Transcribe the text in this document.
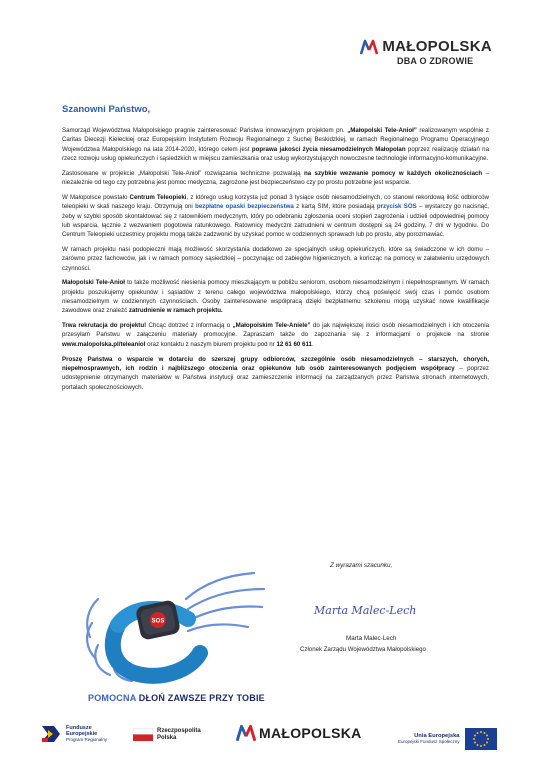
MAŁOPOLSKA
DBA O ZDROWIE
Szanowni Państwo,

Samorząd Województwa Małopolskiego pragnie zainteresować Państwa innowacyjnym projektem pn. „Małopolski Tele-Anioł” realizowanym wspólnie z Caritas Diecezji Kieleckiej oraz Europejskim Instytutem Rozwoju Regionalnego z Suchej Beskidzkiej, w ramach Regionalnego Programu Operacyjnego Województwa Małopolskiego na lata 2014-2020, którego celem jest poprawa jakości życia niesamodzielnych Małopolan poprzez realizację działań na rzecz rozwoju usług opiekuńczych i sąsiedzkich w miejscu zamieszkania oraz usług wykorzystujących nowoczesne technologie informacyjno-komunikacyjne.

Zastosowane w projekcie „Małopolski Tele-Anioł” rozwiązania techniczne pozwalają na szybkie wezwanie pomocy w każdych okolicznościach – niezależnie od tego czy potrzebna jest pomoc medyczna, zagrożone jest bezpieczeństwo czy po prostu potrzebne jest wsparcie.

W Małopolsce powstało Centrum Teleopieki, z którego usług korzysta już ponad 3 tysiące osób niesamodzielnych, co stanowi rekordową ilość odbiorców teleopieki w skali naszego kraju. Otrzymują oni bezpłatne opaski bezpieczeństwa z kartą SIM, które posiadają przycisk SOS – wystarczy go nacisnąć, żeby w szybki sposób skontaktować się z ratownikiem medycznym, który po odebraniu zgłoszenia oceni stopień zagrożenia i udzieli odpowiedniej pomocy lub wsparcia, łącznie z wezwaniem pogotowia ratunkowego. Ratownicy medyczni zatrudnieni w centrum dostępni są 24 godziny, 7 dni w tygodniu. Do Centrum Teleopieki uczestnicy projektu mogą także zadzwonić by uzyskać pomoc w codziennych sprawach lub po prostu, aby porozmawiać.

W ramach projektu nasi podopieczni mają możliwość skorzystania dodatkowo ze specjalnych usług opiekuńczych, które są świadczone w ich domu – zarówno przez fachowców, jak i w ramach pomocy sąsiedzkiej – poczynając od zabiegów higienicznych, a kończąc na pomocy w załatwieniu urzędowych czynności.

Małopolski Tele-Anioł to także możliwość niesienia pomocy mieszkającym w pobliżu seniorom, osobom niesamodzielnym i niepełnosprawnym. W ramach projektu poszukujemy opiekunów i sąsiadów z terenu całego województwa małopolskiego, którzy chcą poświęcić swój czas i pomóc osobom niesamodzielnym w codziennych czynnościach. Osoby zainteresowane współpracą dzięki bezpłatnemu szkoleniu mogą uzyskać nowe kwalifikacje zawodowe oraz znaleźć zatrudnienie w ramach projektu.

Trwa rekrutacja do projektu! Chcąc dotrzeć z informacją o „Małopolskim Tele-Aniele” do jak największej ilości osób niesamodzielnych i ich otoczenia przesyłam Państwu w załączeniu materiały promocyjne. Zapraszam także do zapoznania się z informacjami o projekcie na stronie www.malopolska.pl/teleaniol oraz kontaktu z naszym biurem projektu pod nr 12 61 60 611.

Proszę Państwa o wsparcie w dotarciu do szerszej grupy odbiorców, szczególnie osób niesamodzielnych – starszych, chorych, niepełnosprawnych, ich rodzin i najbliższego otoczenia oraz opiekunów lub osób zainteresowanych podjęciem współpracy – poprzez udostępnienie otrzymanych materiałów w Państwa instytucji oraz zamieszczenie informacji na zarządzanych przez Państwa stronach internetowych, portalach społecznościowych.

Z wyrazami szacunku,
Marta Malec-Lech
Marta Malec-Lech
Członek Zarządu Województwa Małopolskiego
SOS
POMOCNA DŁOŃ ZAWSZE PRZY TOBIE
Fundusze
Europejskie
Program Regionalny
Rzeczpospolita
Polska	MAŁOPOLSKA	Unia Europejska
Europejski Fundusz Społeczny
